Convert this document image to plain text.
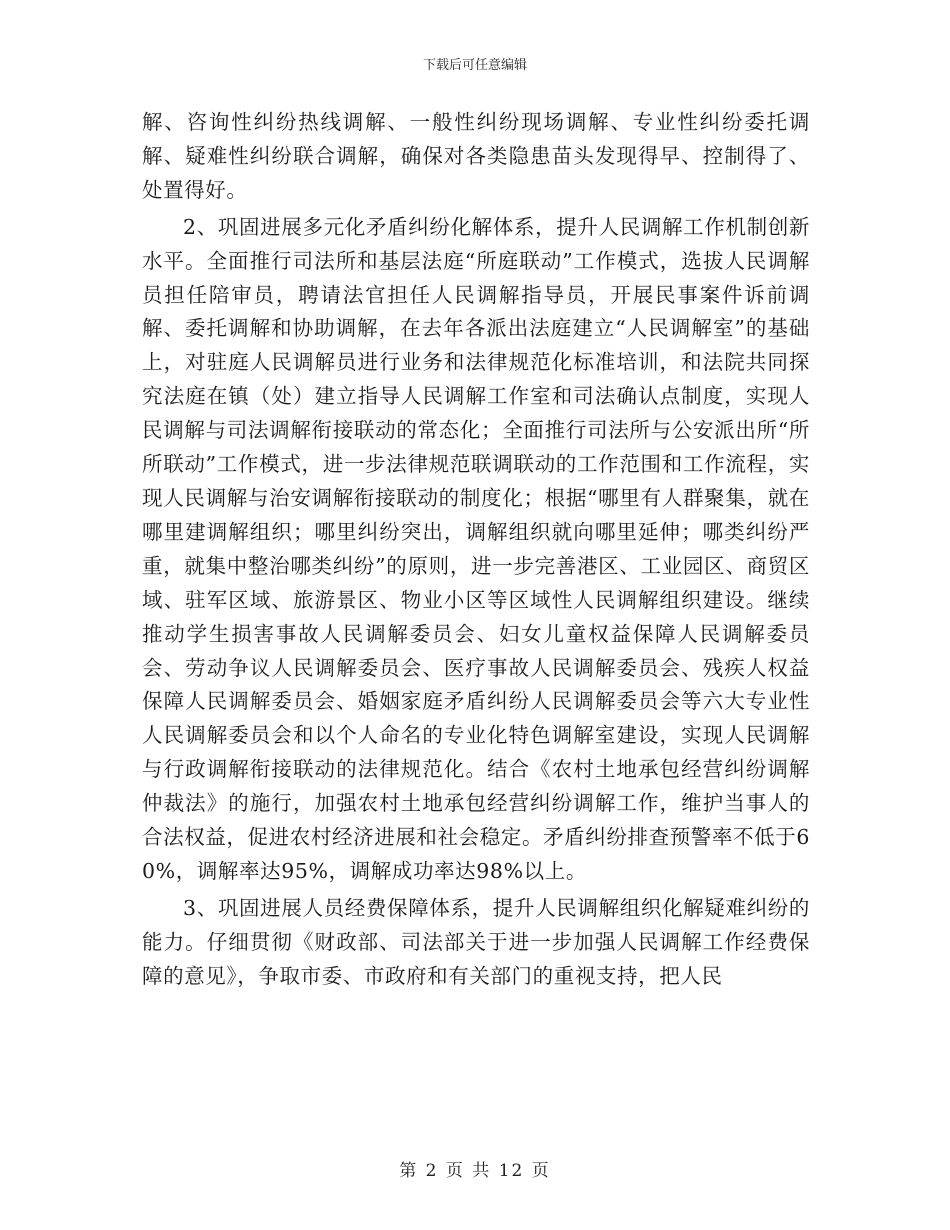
下载后可任意编辑

解、咨询性纠纷热线调解、一般性纠纷现场调解、专业性纠纷委托调解、疑难性纠纷联合调解，确保对各类隐患苗头发现得早、控制得了、处置得好。

2、巩固进展多元化矛盾纠纷化解体系，提升人民调解工作机制创新水平。全面推行司法所和基层法庭“所庭联动”工作模式，选拔人民调解员担任陪审员，聘请法官担任人民调解指导员，开展民事案件诉前调解、委托调解和协助调解，在去年各派出法庭建立“人民调解室”的基础上，对驻庭人民调解员进行业务和法律规范化标准培训，和法院共同探究法庭在镇（处）建立指导人民调解工作室和司法确认点制度，实现人民调解与司法调解衔接联动的常态化；全面推行司法所与公安派出所“所所联动”工作模式，进一步法律规范联调联动的工作范围和工作流程，实现人民调解与治安调解衔接联动的制度化；根据“哪里有人群聚集，就在哪里建调解组织；哪里纠纷突出，调解组织就向哪里延伸；哪类纠纷严重，就集中整治哪类纠纷”的原则，进一步完善港区、工业园区、商贸区域、驻军区域、旅游景区、物业小区等区域性人民调解组织建设。继续推动学生损害事故人民调解委员会、妇女儿童权益保障人民调解委员会、劳动争议人民调解委员会、医疗事故人民调解委员会、残疾人权益保障人民调解委员会、婚姻家庭矛盾纠纷人民调解委员会等六大专业性人民调解委员会和以个人命名的专业化特色调解室建设，实现人民调解与行政调解衔接联动的法律规范化。结合《农村土地承包经营纠纷调解仲裁法》的施行，加强农村土地承包经营纠纷调解工作，维护当事人的合法权益，促进农村经济进展和社会稳定。矛盾纠纷排查预警率不低于60%，调解率达95%，调解成功率达98%以上。

3、巩固进展人员经费保障体系，提升人民调解组织化解疑难纠纷的能力。仔细贯彻《财政部、司法部关于进一步加强人民调解工作经费保障的意见》，争取市委、市政府和有关部门的重视支持，把人民

第 2 页 共 12 页
